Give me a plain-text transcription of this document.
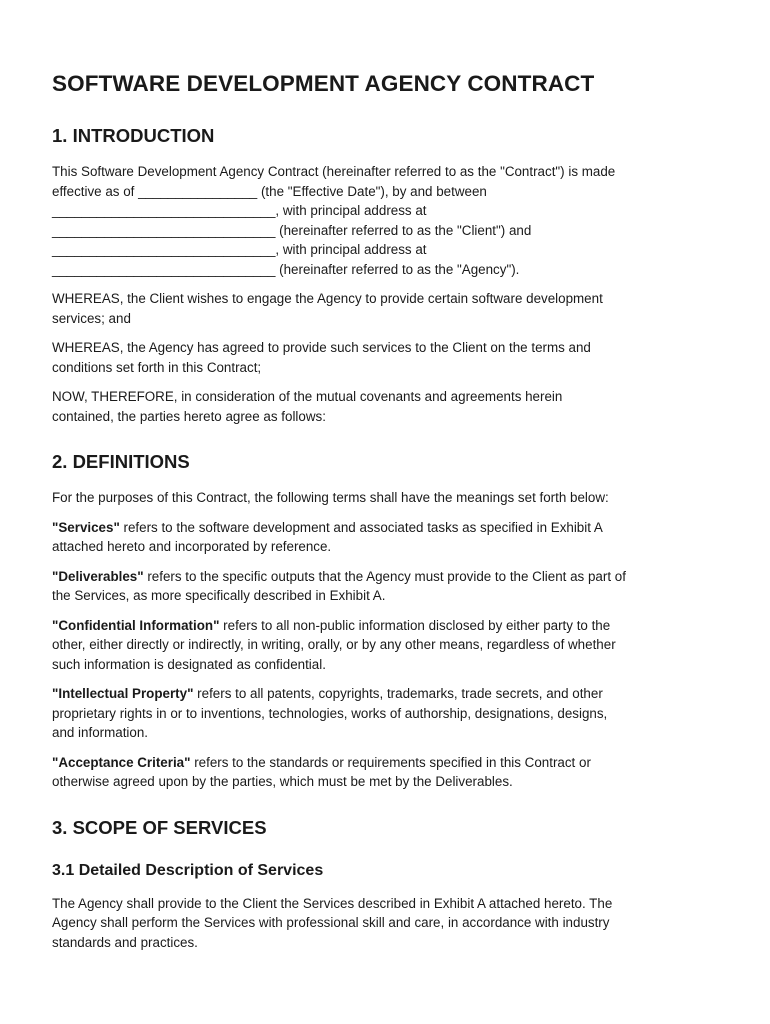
SOFTWARE DEVELOPMENT AGENCY CONTRACT
1. INTRODUCTION

This Software Development Agency Contract (hereinafter referred to as the "Contract") is made

effective as of ________________ (the "Effective Date"), by and between

______________________________, with principal address at

______________________________ (hereinafter referred to as the "Client") and

______________________________, with principal address at

______________________________ (hereinafter referred to as the "Agency").

WHEREAS, the Client wishes to engage the Agency to provide certain software development
services; and

WHEREAS, the Agency has agreed to provide such services to the Client on the terms and
conditions set forth in this Contract;

NOW, THEREFORE, in consideration of the mutual covenants and agreements herein
contained, the parties hereto agree as follows:

2. DEFINITIONS

For the purposes of this Contract, the following terms shall have the meanings set forth below:

"Services" refers to the software development and associated tasks as specified in Exhibit A
attached hereto and incorporated by reference.

"Deliverables" refers to the specific outputs that the Agency must provide to the Client as part of
the Services, as more specifically described in Exhibit A.

"Confidential Information" refers to all non-public information disclosed by either party to the
other, either directly or indirectly, in writing, orally, or by any other means, regardless of whether
such information is designated as confidential.

"Intellectual Property" refers to all patents, copyrights, trademarks, trade secrets, and other
proprietary rights in or to inventions, technologies, works of authorship, designations, designs,
and information.

"Acceptance Criteria" refers to the standards or requirements specified in this Contract or
otherwise agreed upon by the parties, which must be met by the Deliverables.

3. SCOPE OF SERVICES
3.1 Detailed Description of Services

The Agency shall provide to the Client the Services described in Exhibit A attached hereto. The
Agency shall perform the Services with professional skill and care, in accordance with industry
standards and practices.
